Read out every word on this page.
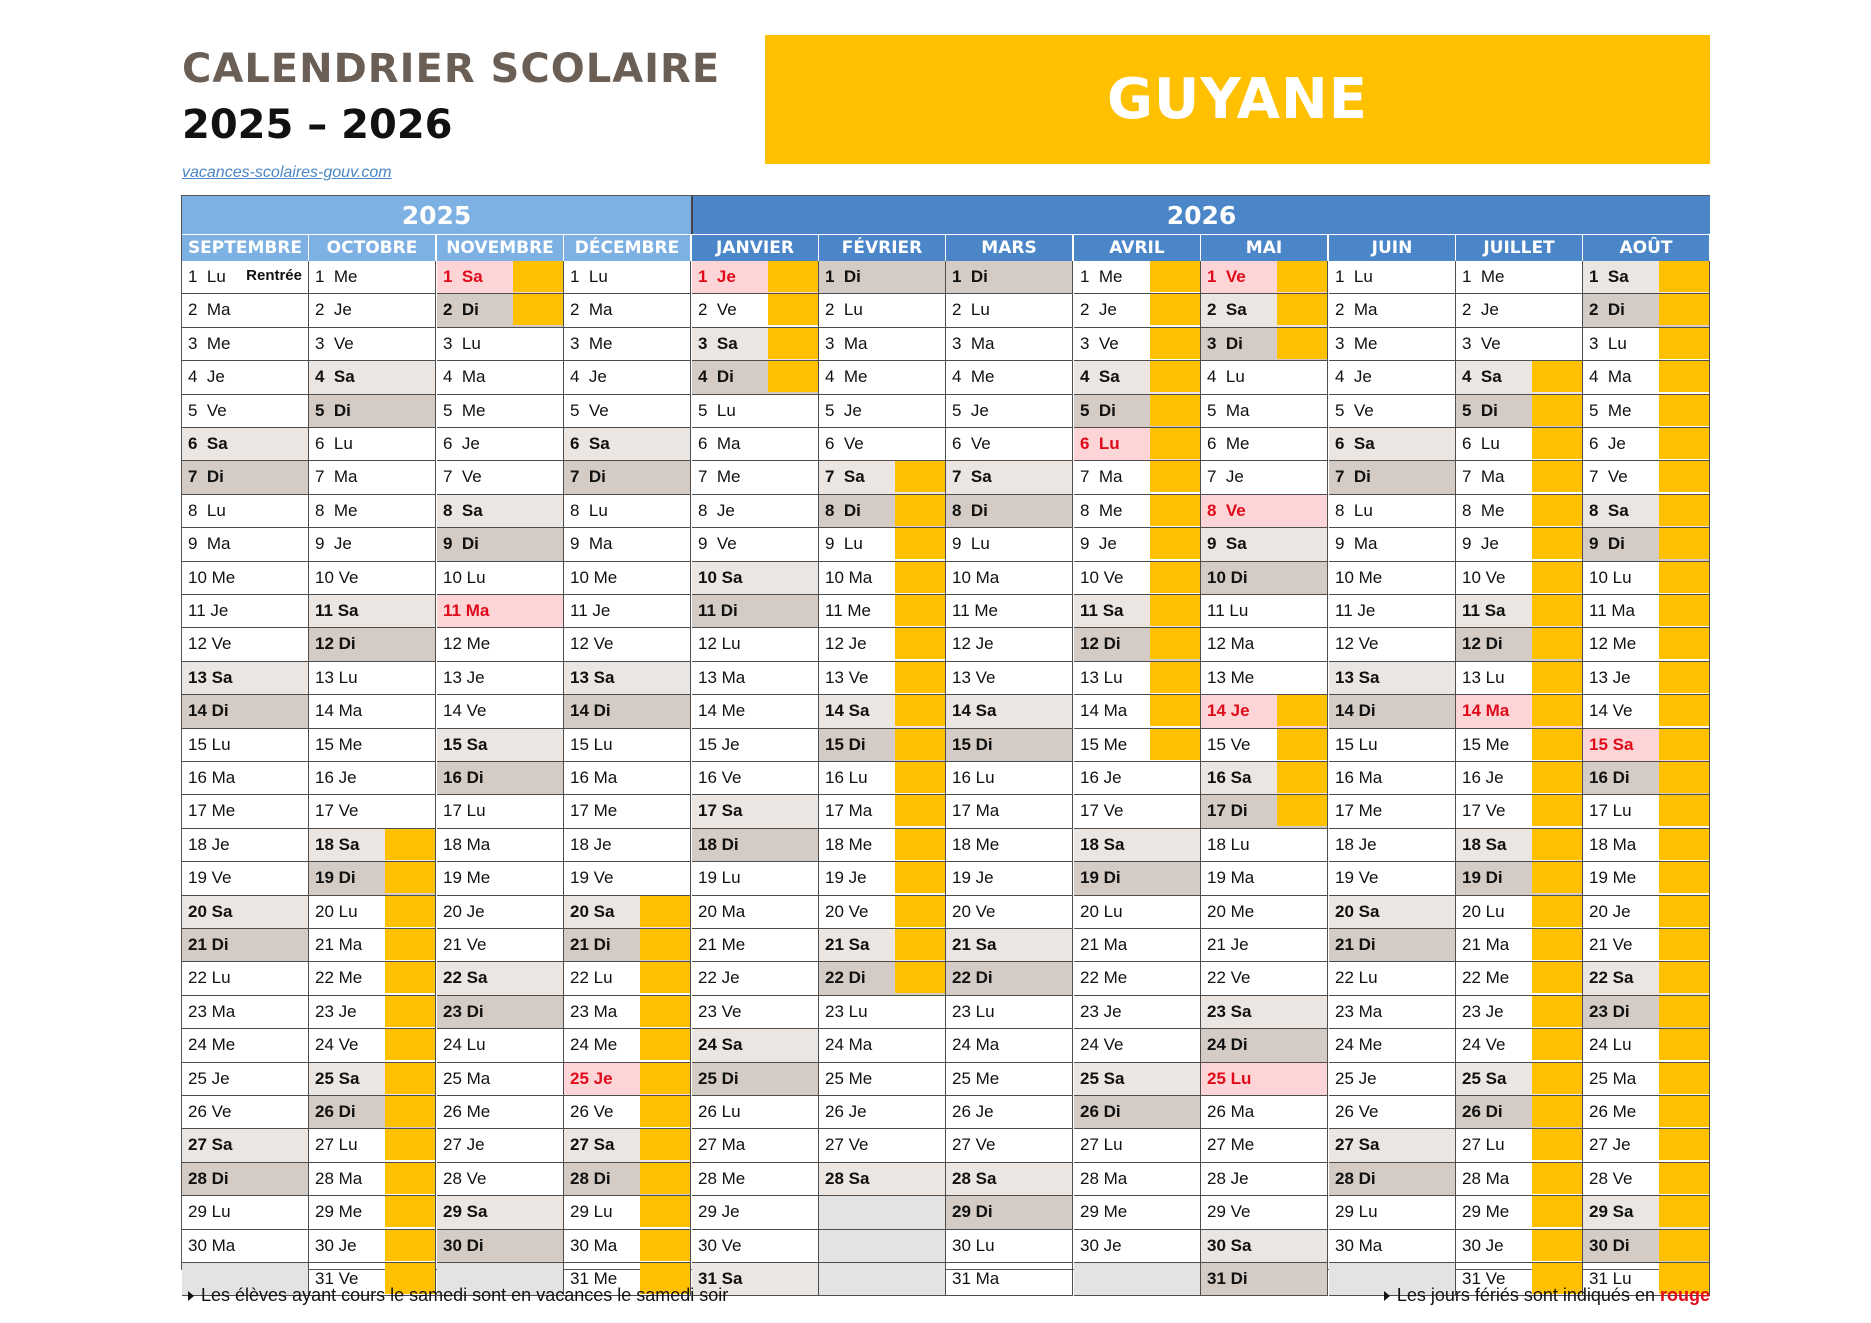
CALENDRIER SCOLAIRE
2025 – 2026
vacances-scolaires-gouv.com
GUYANE
2025	2026
SEPTEMBRE
1  Lu Rentrée
2  Ma
3  Me
4  Je
5  Ve
6  Sa
7  Di
8  Lu
9  Ma
10 Me
11 Je
12 Ve
13 Sa
14 Di
15 Lu
16 Ma
17 Me
18 Je
19 Ve
20 Sa
21 Di
22 Lu
23 Ma
24 Me
25 Je
26 Ve
27 Sa
28 Di
29 Lu
30 Ma
OCTOBRE
1  Me
2  Je
3  Ve
4  Sa
5  Di
6  Lu
7  Ma
8  Me
9  Je
10 Ve
11 Sa
12 Di
13 Lu
14 Ma
15 Me
16 Je
17 Ve
18 Sa
19 Di
20 Lu
21 Ma
22 Me
23 Je
24 Ve
25 Sa
26 Di
27 Lu
28 Ma
29 Me
30 Je
31 Ve
NOVEMBRE
1  Sa
2  Di
3  Lu
4  Ma
5  Me
6  Je
7  Ve
8  Sa
9  Di
10 Lu
11 Ma
12 Me
13 Je
14 Ve
15 Sa
16 Di
17 Lu
18 Ma
19 Me
20 Je
21 Ve
22 Sa
23 Di
24 Lu
25 Ma
26 Me
27 Je
28 Ve
29 Sa
30 Di
DÉCEMBRE
1  Lu
2  Ma
3  Me
4  Je
5  Ve
6  Sa
7  Di
8  Lu
9  Ma
10 Me
11 Je
12 Ve
13 Sa
14 Di
15 Lu
16 Ma
17 Me
18 Je
19 Ve
20 Sa
21 Di
22 Lu
23 Ma
24 Me
25 Je
26 Ve
27 Sa
28 Di
29 Lu
30 Ma
31 Me
JANVIER
1  Je
2  Ve
3  Sa
4  Di
5  Lu
6  Ma
7  Me
8  Je
9  Ve
10 Sa
11 Di
12 Lu
13 Ma
14 Me
15 Je
16 Ve
17 Sa
18 Di
19 Lu
20 Ma
21 Me
22 Je
23 Ve
24 Sa
25 Di
26 Lu
27 Ma
28 Me
29 Je
30 Ve
31 Sa
FÉVRIER
1  Di
2  Lu
3  Ma
4  Me
5  Je
6  Ve
7  Sa
8  Di
9  Lu
10 Ma
11 Me
12 Je
13 Ve
14 Sa
15 Di
16 Lu
17 Ma
18 Me
19 Je
20 Ve
21 Sa
22 Di
23 Lu
24 Ma
25 Me
26 Je
27 Ve
28 Sa
MARS
1  Di
2  Lu
3  Ma
4  Me
5  Je
6  Ve
7  Sa
8  Di
9  Lu
10 Ma
11 Me
12 Je
13 Ve
14 Sa
15 Di
16 Lu
17 Ma
18 Me
19 Je
20 Ve
21 Sa
22 Di
23 Lu
24 Ma
25 Me
26 Je
27 Ve
28 Sa
29 Di
30 Lu
31 Ma
AVRIL
1  Me
2  Je
3  Ve
4  Sa
5  Di
6  Lu
7  Ma
8  Me
9  Je
10 Ve
11 Sa
12 Di
13 Lu
14 Ma
15 Me
16 Je
17 Ve
18 Sa
19 Di
20 Lu
21 Ma
22 Me
23 Je
24 Ve
25 Sa
26 Di
27 Lu
28 Ma
29 Me
30 Je
MAI
1  Ve
2  Sa
3  Di
4  Lu
5  Ma
6  Me
7  Je
8  Ve
9  Sa
10 Di
11 Lu
12 Ma
13 Me
14 Je
15 Ve
16 Sa
17 Di
18 Lu
19 Ma
20 Me
21 Je
22 Ve
23 Sa
24 Di
25 Lu
26 Ma
27 Me
28 Je
29 Ve
30 Sa
31 Di
JUIN
1  Lu
2  Ma
3  Me
4  Je
5  Ve
6  Sa
7  Di
8  Lu
9  Ma
10 Me
11 Je
12 Ve
13 Sa
14 Di
15 Lu
16 Ma
17 Me
18 Je
19 Ve
20 Sa
21 Di
22 Lu
23 Ma
24 Me
25 Je
26 Ve
27 Sa
28 Di
29 Lu
30 Ma
JUILLET
1  Me
2  Je
3  Ve
4  Sa
5  Di
6  Lu
7  Ma
8  Me
9  Je
10 Ve
11 Sa
12 Di
13 Lu
14 Ma
15 Me
16 Je
17 Ve
18 Sa
19 Di
20 Lu
21 Ma
22 Me
23 Je
24 Ve
25 Sa
26 Di
27 Lu
28 Ma
29 Me
30 Je
31 Ve
AOÛT
1  Sa
2  Di
3  Lu
4  Ma
5  Me
6  Je
7  Ve
8  Sa
9  Di
10 Lu
11 Ma
12 Me
13 Je
14 Ve
15 Sa
16 Di
17 Lu
18 Ma
19 Me
20 Je
21 Ve
22 Sa
23 Di
24 Lu
25 Ma
26 Me
27 Je
28 Ve
29 Sa
30 Di
31 Lu
Les élèves ayant cours le samedi sont en vacances le samedi soir	Les jours fériés sont indiqués en rouge
